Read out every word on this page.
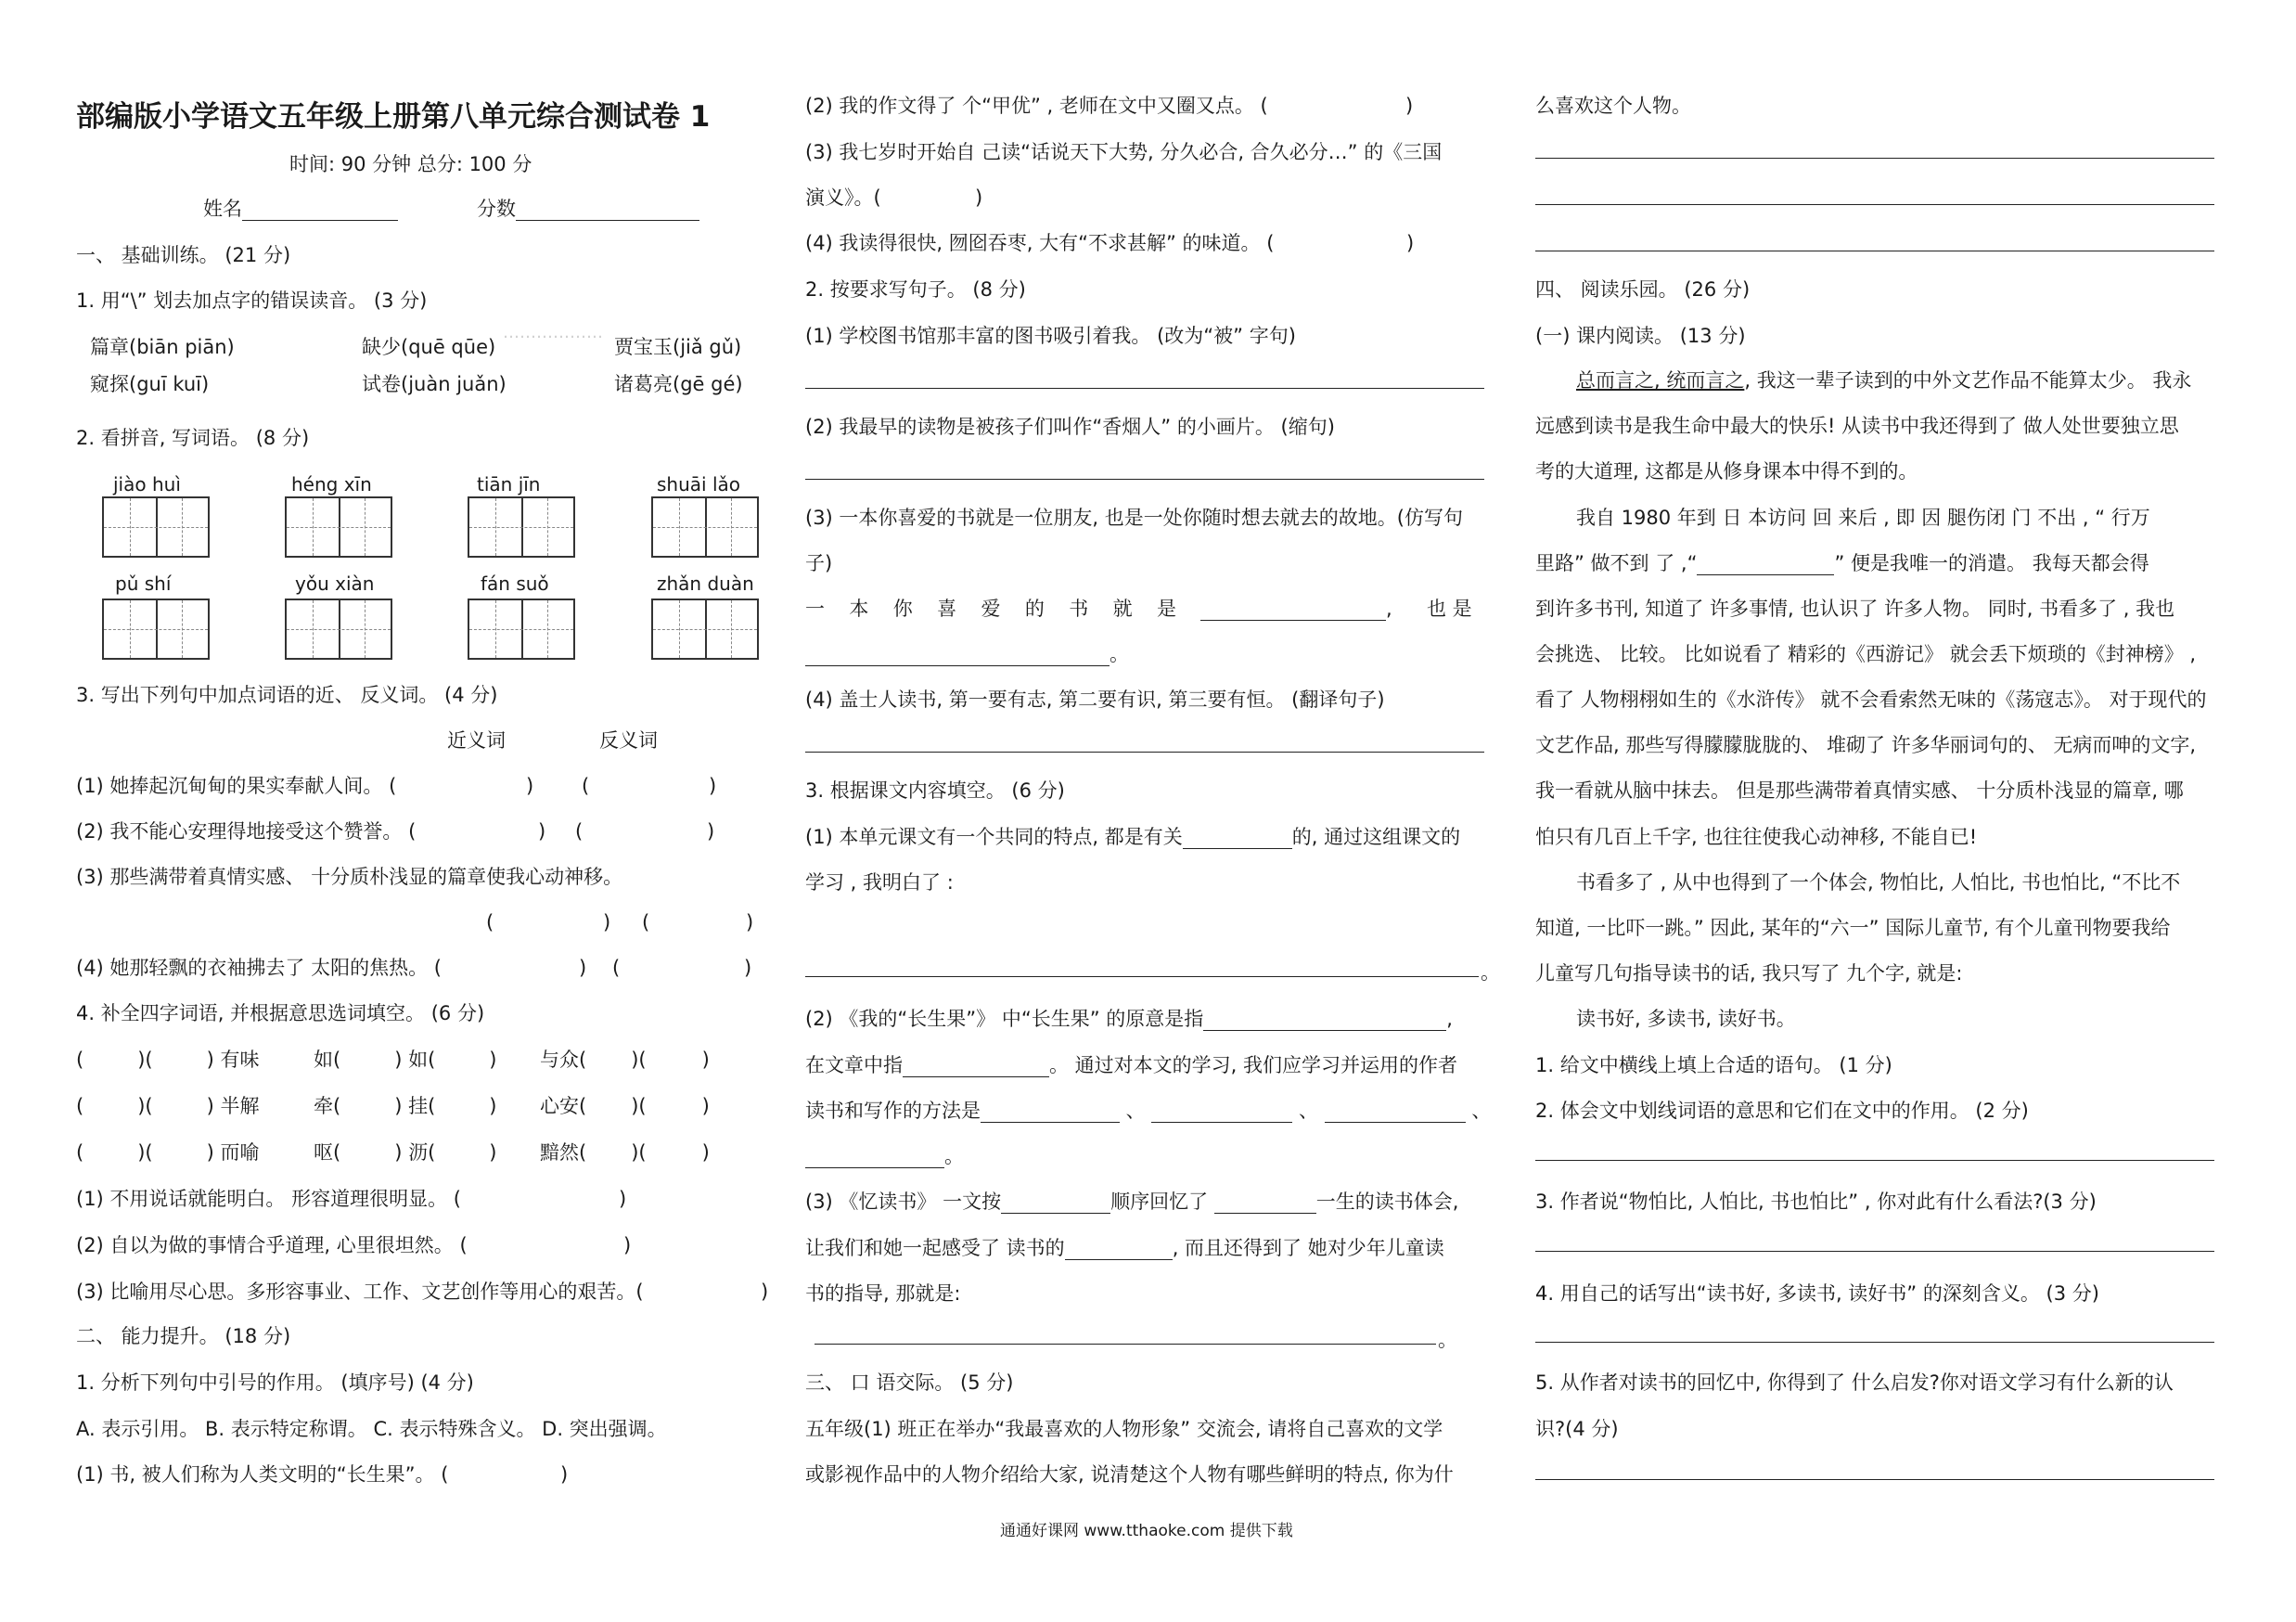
部编版小学语文五年级上册第八单元综合测试卷 1
时间: 90 分钟 总分: 100 分
姓名	分数
一、 基础训练。 (21 分)
1. 用“\” 划去加点字的错误读音。 (3 分)
………………
篇章(biān piān)	缺少(quē qūe)	贾宝玉(jiǎ gǔ)
窥探(guī kuī)	试卷(juàn juǎn)	诸葛亮(gē gé)
2. 看拼音, 写词语。 (8 分)
jiào huì	héng xīn	tiān jīn	shuāi lǎo
pǔ shí	yǒu xiàn	fán suǒ	zhǎn duàn
3. 写出下列句中加点词语的近、 反义词。 (4 分)
近义词	反义词
(1) 她捧起沉甸甸的果实奉献人间。 (	) (	)
(2) 我不能心安理得地接受这个赞誉。 (	) (	)
(3) 那些满带着真情实感、 十分质朴浅显的篇章使我心动神移。
(	) (	)
(4) 她那轻飘的衣袖拂去了 太阳的焦热。 (	) (	)
4. 补全四字词语, 并根据意思选词填空。 (6 分)
(	)(	) 有味	如(	) 如(	) 与众( )(	)
(	)(	) 半解	牵(	) 挂(	) 心安( )(	)
(	)(	) 而喻	呕(	) 沥(	) 黯然( )(	)
(1) 不用说话就能明白。 形容道理很明显。 (	)
(2) 自以为做的事情合乎道理, 心里很坦然。 (	)
(3) 比喻用尽心思。多形容事业、工作、文艺创作等用心的艰苦。(	)
二、 能力提升。 (18 分)
1. 分析下列句中引号的作用。 (填序号) (4 分)
A. 表示引用。 B. 表示特定称谓。 C. 表示特殊含义。 D. 突出强调。
(1) 书, 被人们称为人类文明的“长生果”。 (	)
(2) 我的作文得了 个“甲优” , 老师在文中又圈又点。 (	)
(3) 我七岁时开始自 己读“话说天下大势, 分久必合, 合久必分…” 的《三国
演义》。(	)
(4) 我读得很快, 囫囵吞枣, 大有“不求甚解” 的味道。 (	)
2. 按要求写句子。 (8 分)
(1) 学校图书馆那丰富的图书吸引着我。 (改为“被” 字句)
(2) 我最早的读物是被孩子们叫作“香烟人” 的小画片。 (缩句)
(3) 一本你喜爱的书就是一位朋友, 也是一处你随时想去就去的故地。(仿写句
子)
一 本 你 喜 爱 的 书 就 是	, 也 是
。
(4) 盖士人读书, 第一要有志, 第二要有识, 第三要有恒。 (翻译句子)
3. 根据课文内容填空。 (6 分)
(1) 本单元课文有一个共同的特点, 都是有关	的, 通过这组课文的
学习 , 我明白了 :
。
(2) 《我的“长生果”》 中“长生果” 的原意是指	,
在文章中指	。 通过对本文的学习, 我们应学习并运用的作者
读书和写作的方法是	、	、	、
。
(3) 《忆读书》 一文按	顺序回忆了	一生的读书体会,
让我们和她一起感受了 读书的	, 而且还得到了 她对少年儿童读
书的指导, 那就是:
。
三、 口 语交际。 (5 分)
五年级(1) 班正在举办“我最喜欢的人物形象” 交流会, 请将自己喜欢的文学
或影视作品中的人物介绍给大家, 说清楚这个人物有哪些鲜明的特点, 你为什
么喜欢这个人物。
四、 阅读乐园。 (26 分)
(一) 课内阅读。 (13 分)
总而言之, 统而言之, 我这一辈子读到的中外文艺作品不能算太少。 我永
远感到读书是我生命中最大的快乐! 从读书中我还得到了 做人处世要独立思
考的大道理, 这都是从修身课本中得不到的。
我自 1980 年到 日 本访问 回 来后 , 即 因 腿伤闭 门 不出 , “ 行万
里路” 做不到 了 ,“	” 便是我唯一的消遣。 我每天都会得
到许多书刊, 知道了 许多事情, 也认识了 许多人物。 同时, 书看多了 , 我也
会挑选、 比较。 比如说看了 精彩的《西游记》 就会丢下烦琐的《封神榜》 ,
看了 人物栩栩如生的《水浒传》 就不会看索然无味的《荡寇志》。 对于现代的
文艺作品, 那些写得朦朦胧胧的、 堆砌了 许多华丽词句的、 无病而呻的文字,
我一看就从脑中抹去。 但是那些满带着真情实感、 十分质朴浅显的篇章, 哪
怕只有几百上千字, 也往往使我心动神移, 不能自已!
书看多了 , 从中也得到了一个体会, 物怕比, 人怕比, 书也怕比, “不比不
知道, 一比吓一跳。” 因此, 某年的“六一” 国际儿童节, 有个儿童刊物要我给
儿童写几句指导读书的话, 我只写了 九个字, 就是:
读书好, 多读书, 读好书。
1. 给文中横线上填上合适的语句。 (1 分)
2. 体会文中划线词语的意思和它们在文中的作用。 (2 分)
3. 作者说“物怕比, 人怕比, 书也怕比” , 你对此有什么看法?(3 分)
4. 用自己的话写出“读书好, 多读书, 读好书” 的深刻含义。 (3 分)
5. 从作者对读书的回忆中, 你得到了 什么启发?你对语文学习有什么新的认
识?(4 分)
通通好课网 www.tthaoke.com 提供下载
